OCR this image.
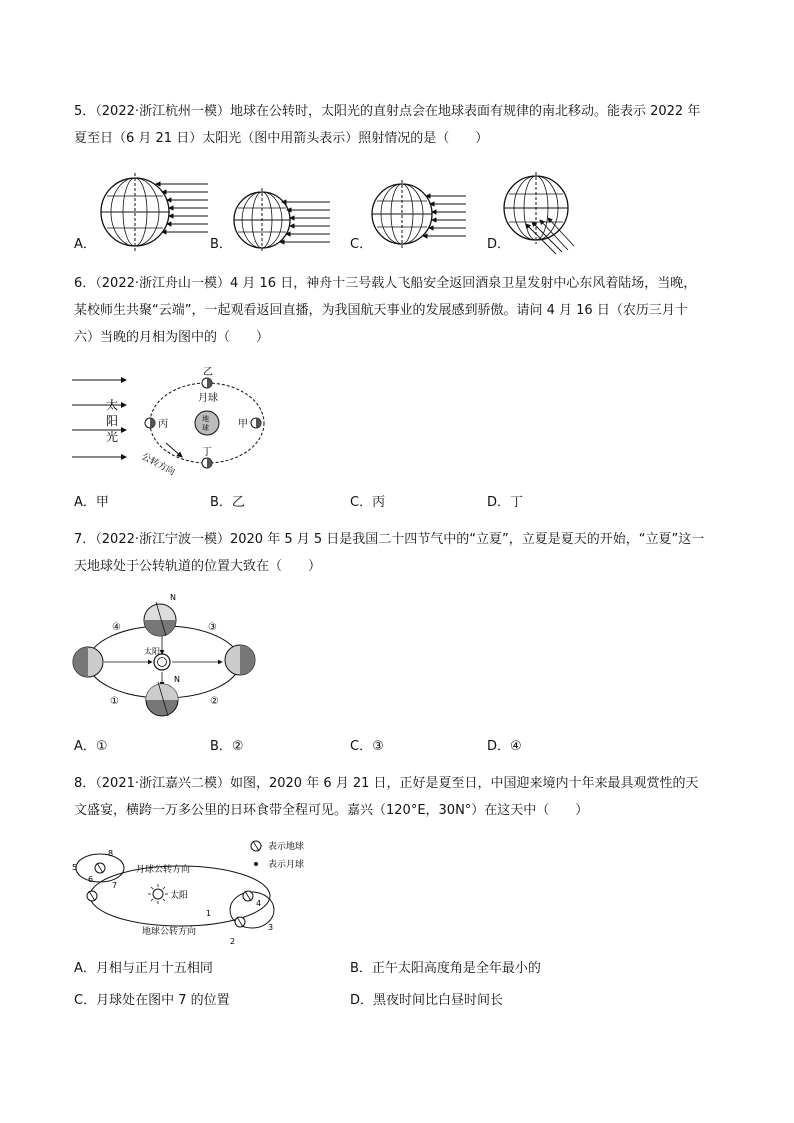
5．（2022·浙江杭州一模）地球在公转时，太阳光的直射点会在地球表面有规律的南北移动。能表示 2022 年
夏至日（6 月 21 日）太阳光（图中用箭头表示）照射情况的是（　　）
A．	B．	C．	D．
6．（2022·浙江舟山一模）4 月 16 日，神舟十三号载人飞船安全返回酒泉卫星发射中心东风着陆场，当晚，
某校师生共聚“云端”，一起观看返回直播，为我国航天事业的发展感到骄傲。请问 4 月 16 日（农历三月十
六）当晚的月相为图中的（　　）
太
阳
光
地
球
月球
乙
甲
丙
丁
公转方向
A．甲	B．乙	C．丙	D．丁
7．（2022·浙江宁波一模）2020 年 5 月 5 日是我国二十四节气中的“立夏”，立夏是夏天的开始，“立夏”这一
天地球处于公转轨道的位置大致在（　　）
太阳
N
N
④	③
①	②
A．①	B．②	C．③	D．④
8．（2021·浙江嘉兴二模）如图，2020 年 6 月 21 日，正好是夏至日，中国迎来境内十年来最具观赏性的天
文盛宴，横跨一万多公里的日环食带全程可见。嘉兴（120°E，30N°）在这天中（　　）
太阳
月球公转方向
地球公转方向
5
6
7
8
1
2
3
4
表示地球
表示月球
A．月相与正月十五相同	B．正午太阳高度角是全年最小的
C．月球处在图中 7 的位置	D．黑夜时间比白昼时间长
